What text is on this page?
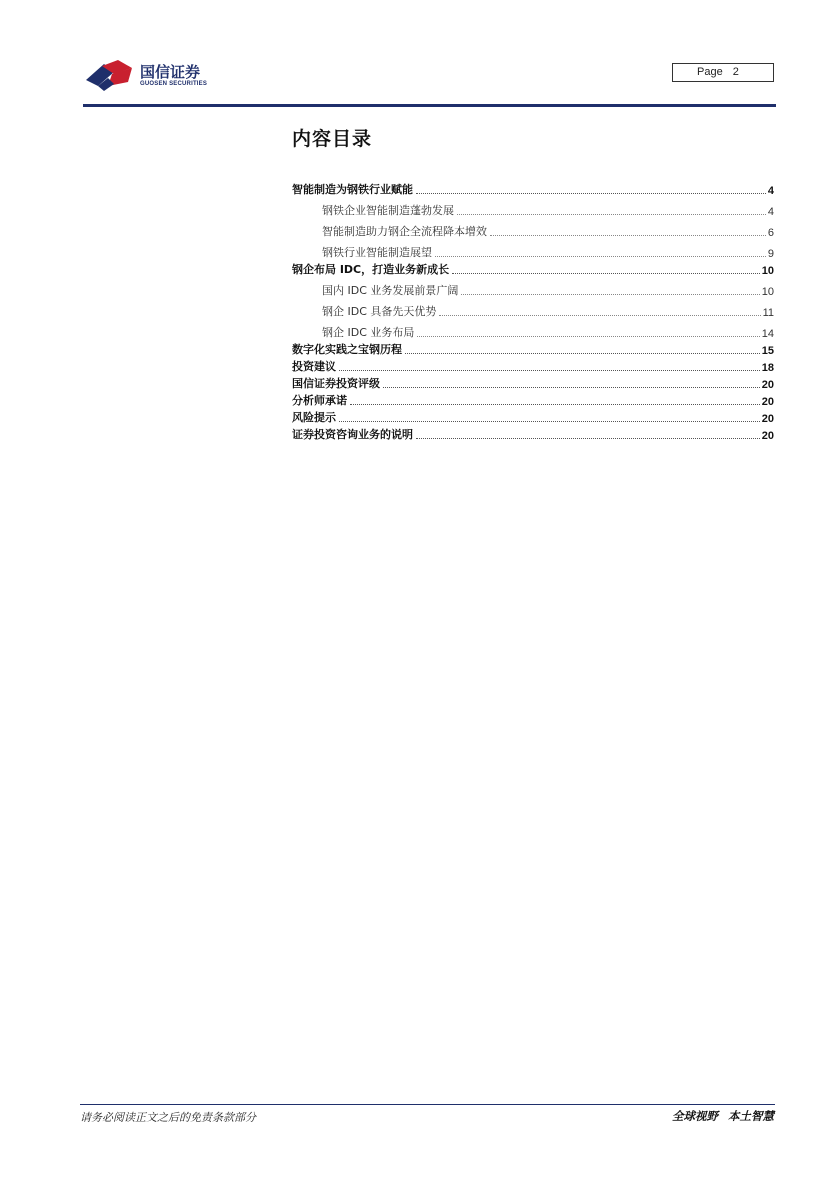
国信证券
GUOSEN SECURITIES
Page 2
内容目录
智能制造为钢铁行业赋能	4
钢铁企业智能制造蓬勃发展	4
智能制造助力钢企全流程降本增效	6
钢铁行业智能制造展望	9
钢企布局 IDC，打造业务新成长	10
国内 IDC 业务发展前景广阔	10
钢企 IDC 具备先天优势	11
钢企 IDC 业务布局	14
数字化实践之宝钢历程	15
投资建议	18
国信证券投资评级	20
分析师承诺	20
风险提示	20
证券投资咨询业务的说明	20
请务必阅读正文之后的免责条款部分	全球视野 本土智慧
